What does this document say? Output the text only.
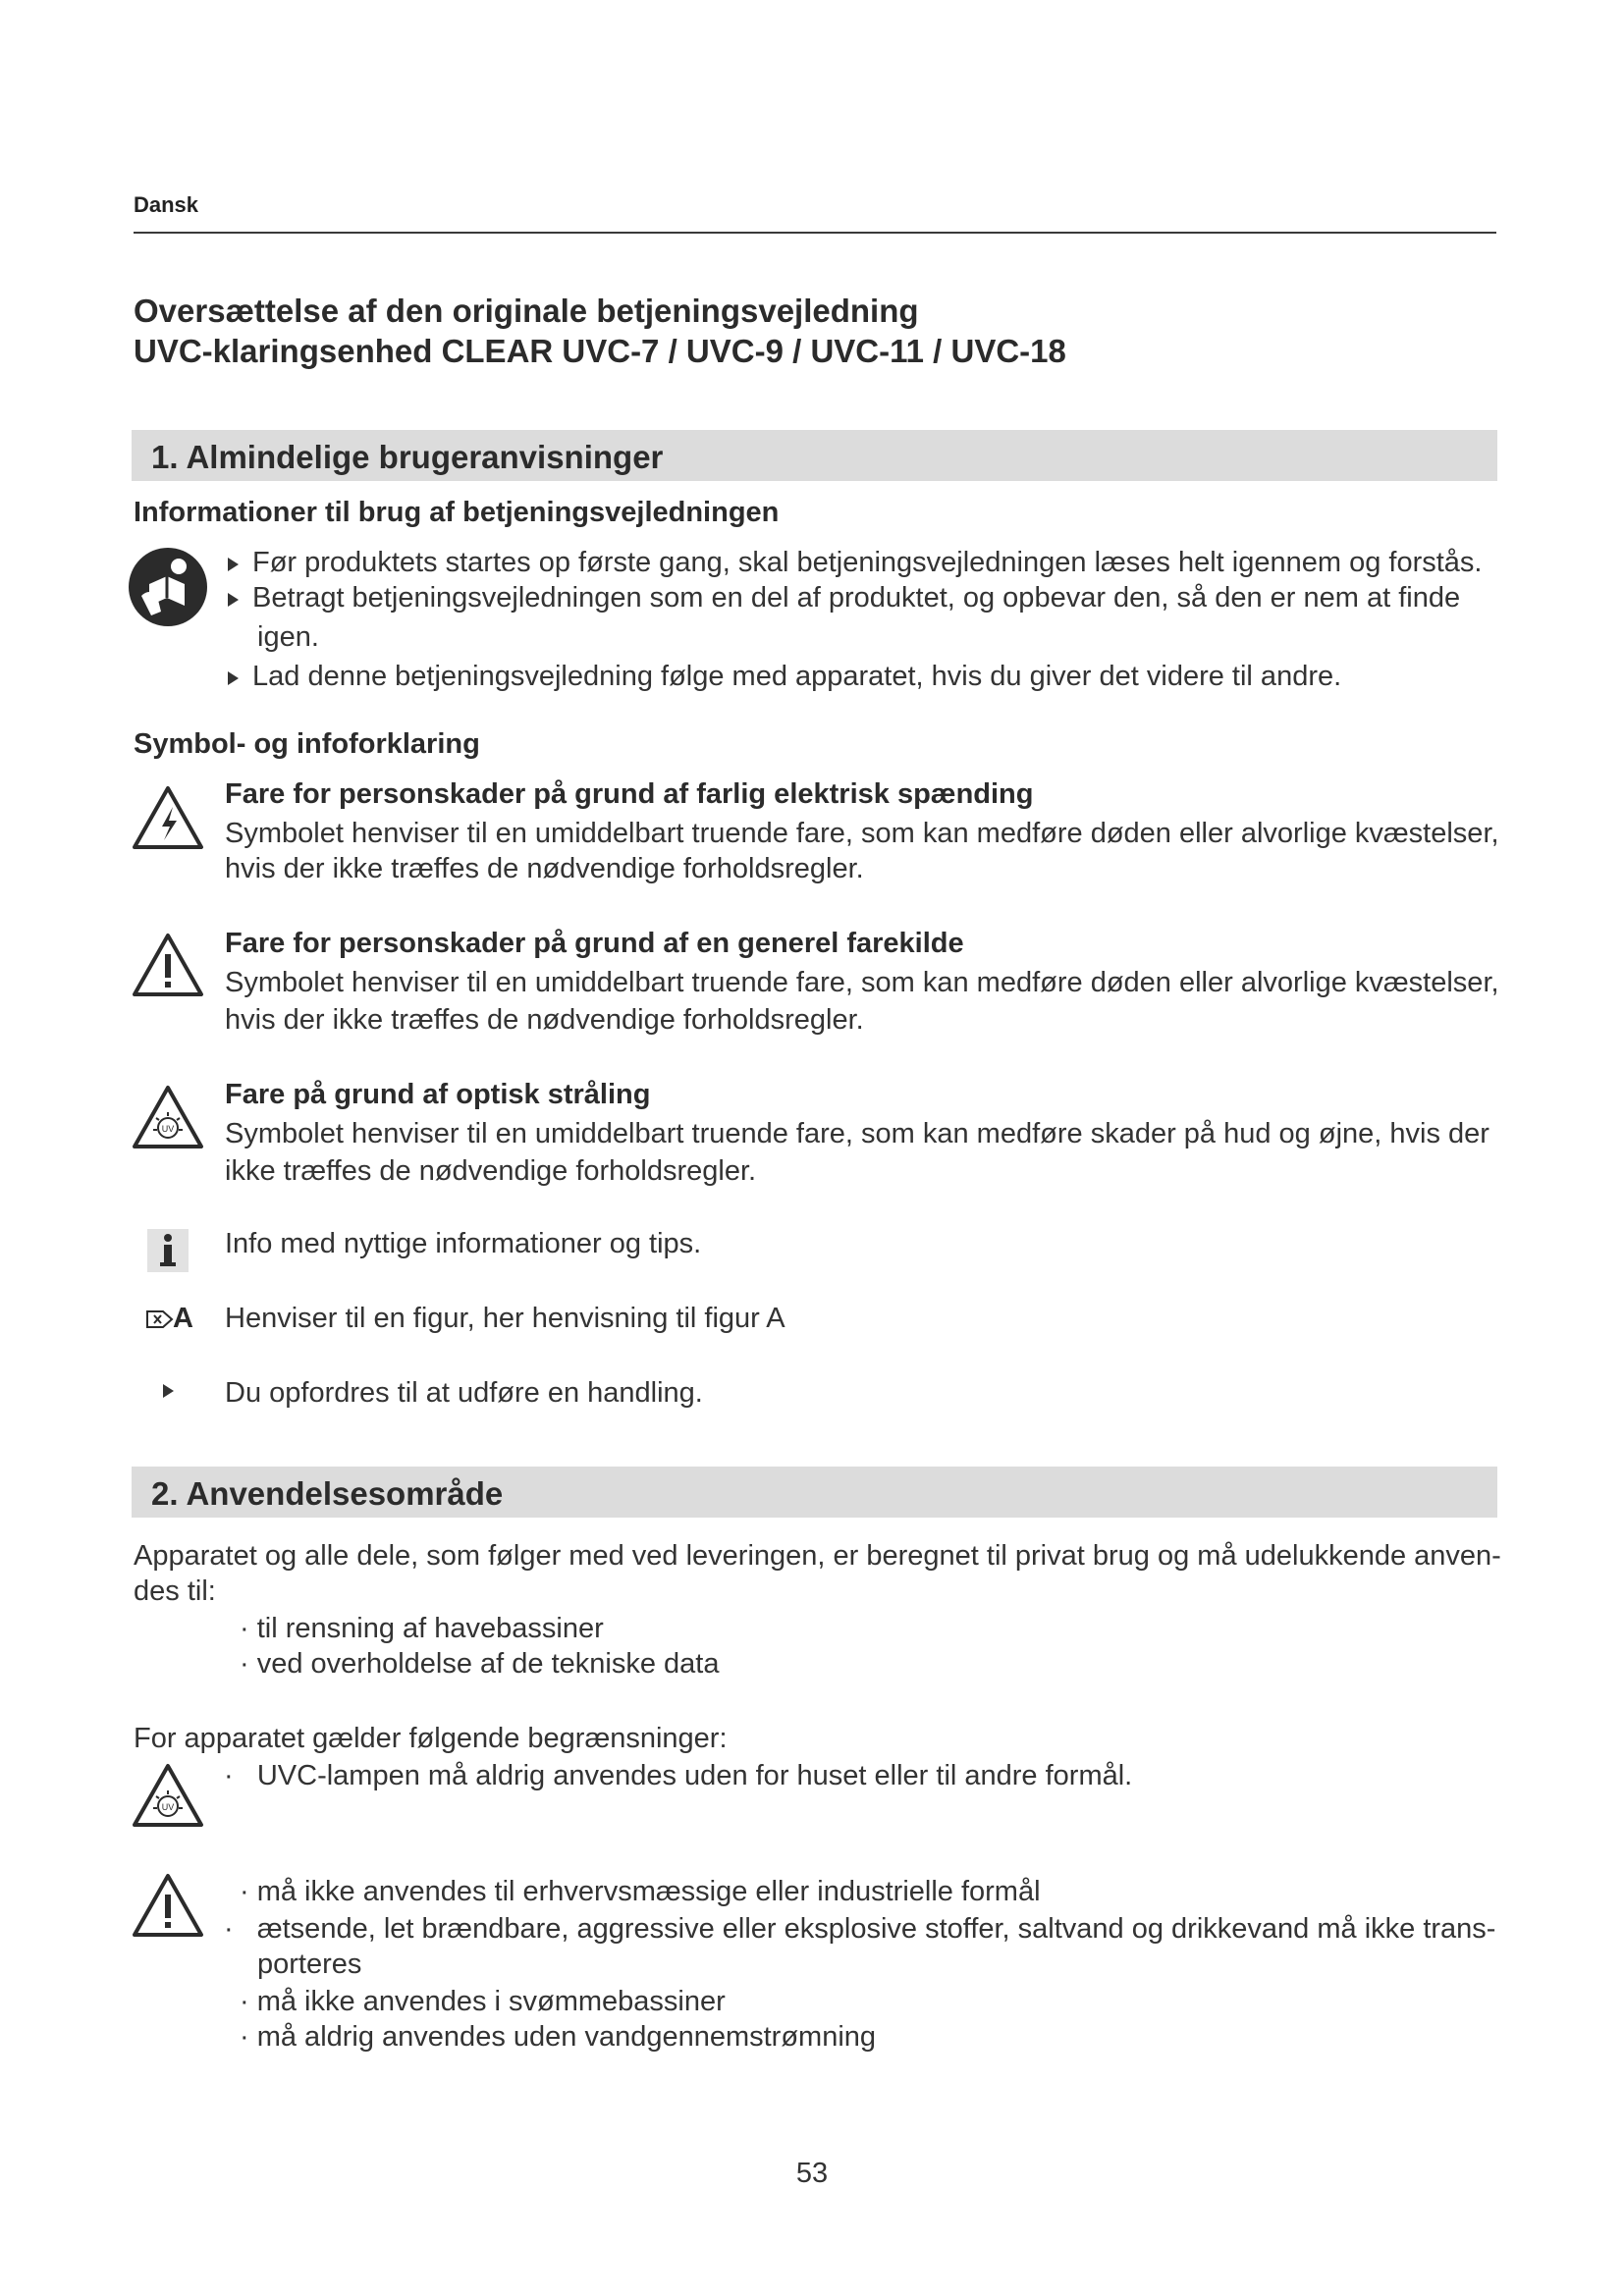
Dansk
Oversættelse af den originale betjeningsvejledning
UVC-klaringsenhed CLEAR UVC-7 / UVC-9 / UVC-11 / UVC-18
1. Almindelige brugeranvisninger
Informationer til brug af betjeningsvejledningen
Før produktets startes op første gang, skal betjeningsvejledningen læses helt igennem og forstås.
Betragt betjeningsvejledningen som en del af produktet, og opbevar den, så den er nem at finde
igen.
Lad denne betjeningsvejledning følge med apparatet, hvis du giver det videre til andre.
Symbol- og infoforklaring
Fare for personskader på grund af farlig elektrisk spænding
Symbolet henviser til en umiddelbart truende fare, som kan medføre døden eller alvorlige kvæstelser,
hvis der ikke træffes de nødvendige forholdsregler.
Fare for personskader på grund af en generel farekilde
Symbolet henviser til en umiddelbart truende fare, som kan medføre døden eller alvorlige kvæstelser,
hvis der ikke træffes de nødvendige forholdsregler.
UV
Fare på grund af optisk stråling
Symbolet henviser til en umiddelbart truende fare, som kan medføre skader på hud og øjne, hvis der
ikke træffes de nødvendige forholdsregler.
Info med nyttige informationer og tips.
A Henviser til en figur, her henvisning til figur A
Du opfordres til at udføre en handling.
2. Anvendelsesområde
Apparatet og alle dele, som følger med ved leveringen, er beregnet til privat brug og må udelukkende anven-
des til:
· til rensning af havebassiner
· ved overholdelse af de tekniske data
For apparatet gælder følgende begrænsninger:
UV
·   UVC-lampen må aldrig anvendes uden for huset eller til andre formål.
· må ikke anvendes til erhvervsmæssige eller industrielle formål
·   ætsende, let brændbare, aggressive eller eksplosive stoffer, saltvand og drikkevand må ikke trans-
porteres
· må ikke anvendes i svømmebassiner
· må aldrig anvendes uden vandgennemstrømning
53
